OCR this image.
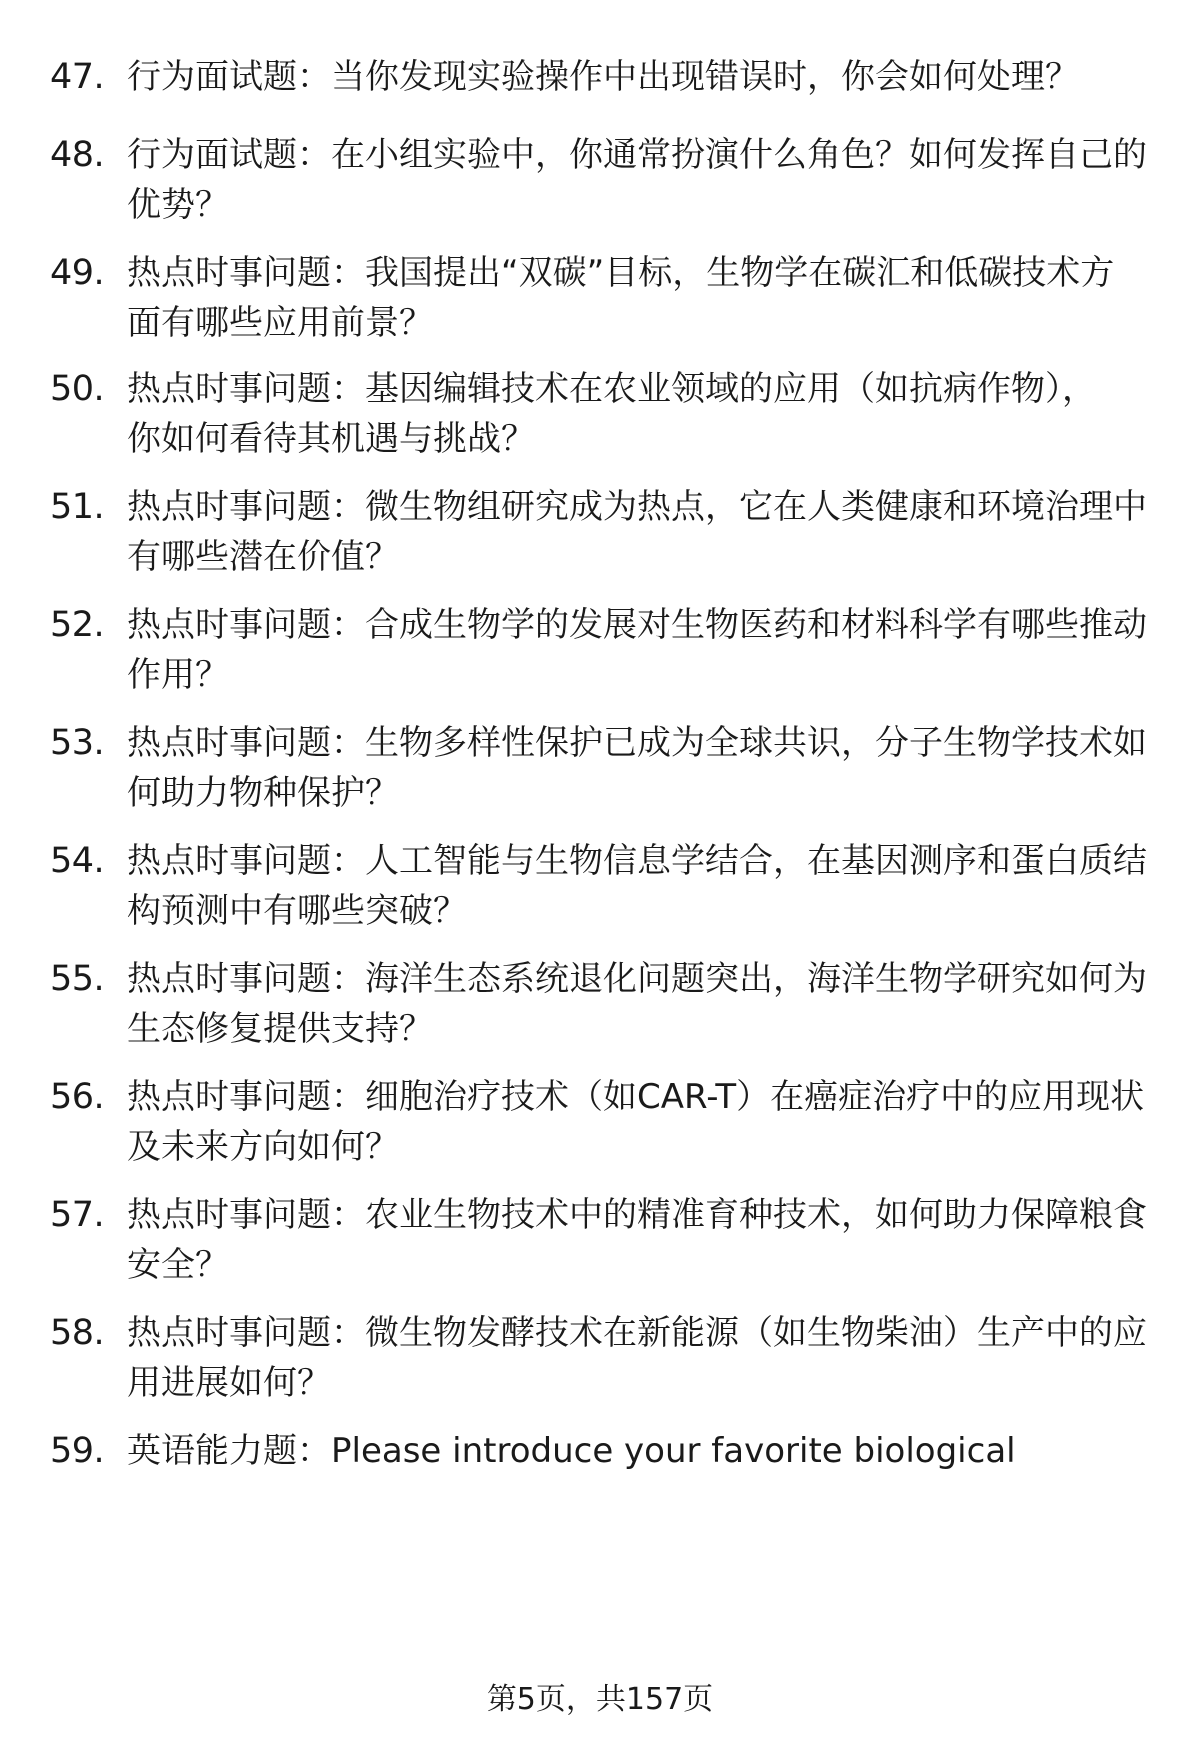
47. 行为面试题：当你发现实验操作中出现错误时，你会如何处理？
48. 行为面试题：在小组实验中，你通常扮演什么角色？如何发挥自己的优势？
49. 热点时事问题：我国提出“双碳”目标，生物学在碳汇和低碳技术方面有哪些应用前景？
50. 热点时事问题：基因编辑技术在农业领域的应用（如抗病作物），你如何看待其机遇与挑战？
51. 热点时事问题：微生物组研究成为热点，它在人类健康和环境治理中有哪些潜在价值？
52. 热点时事问题：合成生物学的发展对生物医药和材料科学有哪些推动作用？
53. 热点时事问题：生物多样性保护已成为全球共识，分子生物学技术如何助力物种保护？
54. 热点时事问题：人工智能与生物信息学结合，在基因测序和蛋白质结构预测中有哪些突破？
55. 热点时事问题：海洋生态系统退化问题突出，海洋生物学研究如何为生态修复提供支持？
56. 热点时事问题：细胞治疗技术（如CAR-T）在癌症治疗中的应用现状及未来方向如何？
57. 热点时事问题：农业生物技术中的精准育种技术，如何助力保障粮食安全？
58. 热点时事问题：微生物发酵技术在新能源（如生物柴油）生产中的应用进展如何？
59. 英语能力题：Please introduce your favorite biological
第5页，共157页
